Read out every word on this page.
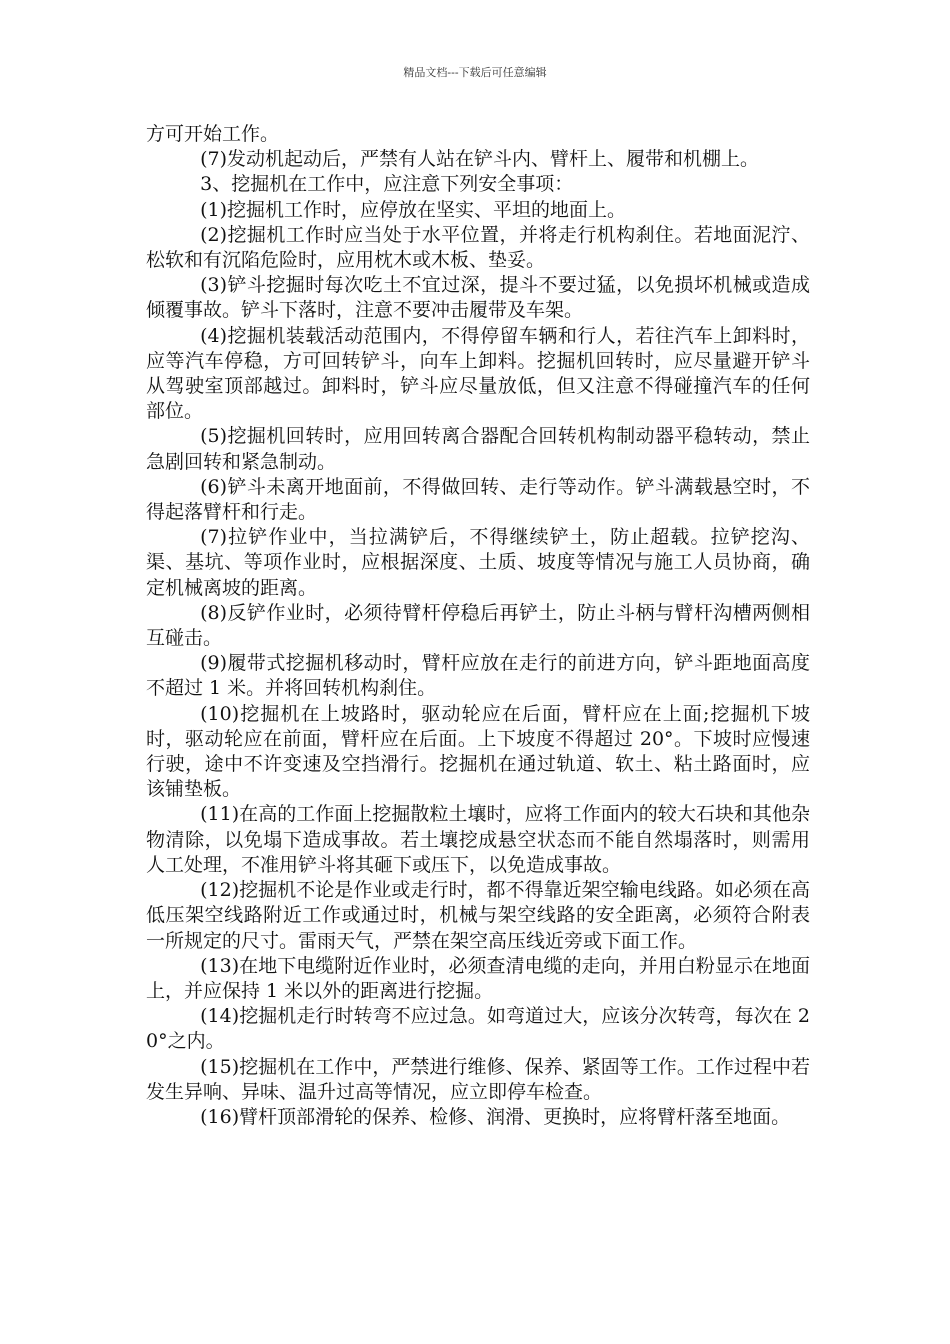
精品文档---下载后可任意编辑

方可开始工作。

(7)发动机起动后，严禁有人站在铲斗内、臂杆上、履带和机棚上。

3、挖掘机在工作中，应注意下列安全事项：

(1)挖掘机工作时，应停放在坚实、平坦的地面上。

(2)挖掘机工作时应当处于水平位置，并将走行机构刹住。若地面泥泞、松软和有沉陷危险时，应用枕木或木板、垫妥。

(3)铲斗挖掘时每次吃土不宜过深，提斗不要过猛，以免损坏机械或造成倾覆事故。铲斗下落时，注意不要冲击履带及车架。

(4)挖掘机装载活动范围内，不得停留车辆和行人，若往汽车上卸料时，应等汽车停稳，方可回转铲斗，向车上卸料。挖掘机回转时，应尽量避开铲斗从驾驶室顶部越过。卸料时，铲斗应尽量放低，但又注意不得碰撞汽车的任何部位。

(5)挖掘机回转时，应用回转离合器配合回转机构制动器平稳转动，禁止急剧回转和紧急制动。

(6)铲斗未离开地面前，不得做回转、走行等动作。铲斗满载悬空时，不得起落臂杆和行走。

(7)拉铲作业中，当拉满铲后，不得继续铲土，防止超载。拉铲挖沟、渠、基坑、等项作业时，应根据深度、土质、坡度等情况与施工人员协商，确定机械离坡的距离。

(8)反铲作业时，必须待臂杆停稳后再铲土，防止斗柄与臂杆沟槽两侧相互碰击。

(9)履带式挖掘机移动时，臂杆应放在走行的前进方向，铲斗距地面高度不超过 1 米。并将回转机构刹住。

(10)挖掘机在上坡路时，驱动轮应在后面，臂杆应在上面;挖掘机下坡时，驱动轮应在前面，臂杆应在后面。上下坡度不得超过 20°。下坡时应慢速行驶，途中不许变速及空挡滑行。挖掘机在通过轨道、软土、粘土路面时，应该铺垫板。

(11)在高的工作面上挖掘散粒土壤时，应将工作面内的较大石块和其他杂物清除，以免塌下造成事故。若土壤挖成悬空状态而不能自然塌落时，则需用人工处理，不准用铲斗将其砸下或压下，以免造成事故。

(12)挖掘机不论是作业或走行时，都不得靠近架空输电线路。如必须在高低压架空线路附近工作或通过时，机械与架空线路的安全距离，必须符合附表一所规定的尺寸。雷雨天气，严禁在架空高压线近旁或下面工作。

(13)在地下电缆附近作业时，必须查清电缆的走向，并用白粉显示在地面上，并应保持 1 米以外的距离进行挖掘。

(14)挖掘机走行时转弯不应过急。如弯道过大，应该分次转弯，每次在 20°之内。

(15)挖掘机在工作中，严禁进行维修、保养、紧固等工作。工作过程中若发生异响、异味、温升过高等情况，应立即停车检查。

(16)臂杆顶部滑轮的保养、检修、润滑、更换时，应将臂杆落至地面。
